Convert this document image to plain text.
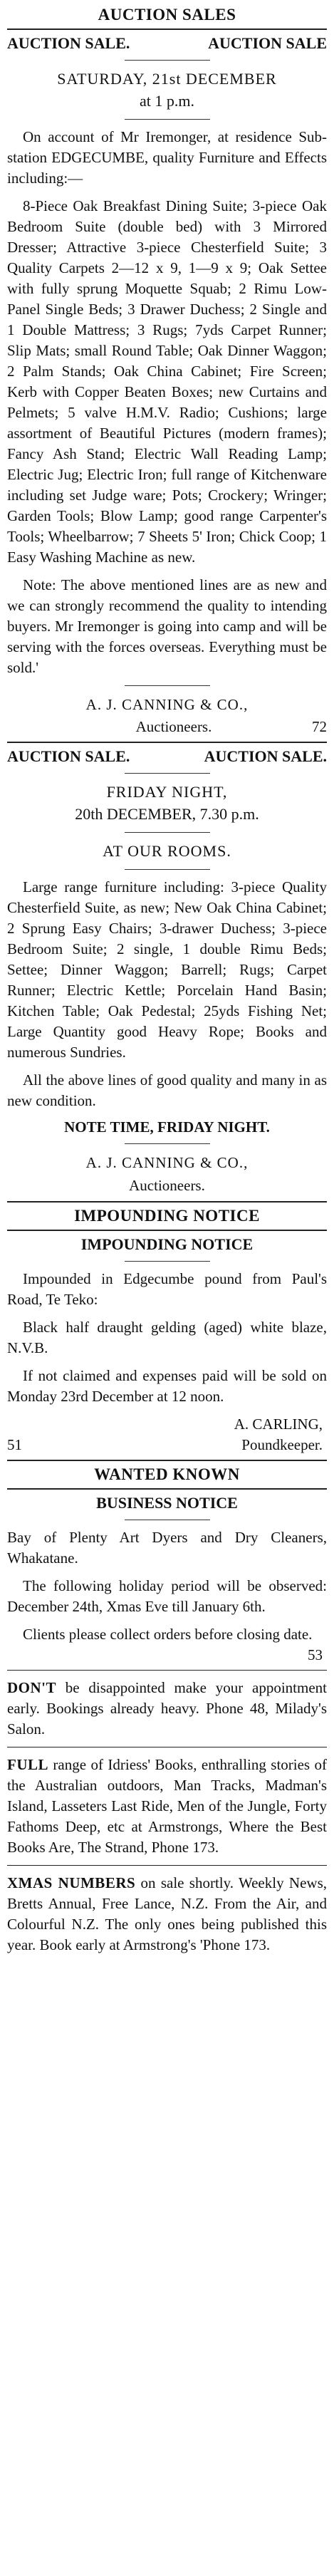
AUCTION SALES
AUCTION SALE.	AUCTION SALE
SATURDAY, 21st DECEMBER
at 1 p.m.

On account of Mr Iremonger, at residence Sub-station EDGECUMBE, quality Furniture and Effects including:—

8-Piece Oak Breakfast Dining Suite; 3-piece Oak Bedroom Suite (double bed) with 3 Mirrored Dresser; Attractive 3-piece Chesterfield Suite; 3 Quality Carpets 2—12 x 9, 1—9 x 9; Oak Settee with fully sprung Moquette Squab; 2 Rimu Low-Panel Single Beds; 3 Drawer Duchess; 2 Single and 1 Double Mattress; 3 Rugs; 7yds Carpet Runner; Slip Mats; small Round Table; Oak Dinner Waggon; 2 Palm Stands; Oak China Cabinet; Fire Screen; Kerb with Copper Beaten Boxes; new Curtains and Pelmets; 5 valve H.M.V. Radio; Cushions; large assortment of Beautiful Pictures (modern frames); Fancy Ash Stand; Electric Wall Reading Lamp; Electric Jug; Electric Iron; full range of Kitchenware including set Judge ware; Pots; Crockery; Wringer; Garden Tools; Blow Lamp; good range Carpenter's Tools; Wheelbarrow; 7 Sheets 5' Iron; Chick Coop; 1 Easy Washing Machine as new.

Note: The above mentioned lines are as new and we can strongly recommend the quality to intending buyers. Mr Iremonger is going into camp and will be serving with the forces overseas. Everything must be sold.'

A. J. CANNING & CO.,
Auctioneers.	72
AUCTION SALE.	AUCTION SALE.
FRIDAY NIGHT,
20th DECEMBER, 7.30 p.m.
AT OUR ROOMS.

Large range furniture including: 3-piece Quality Chesterfield Suite, as new; New Oak China Cabinet; 2 Sprung Easy Chairs; 3-drawer Duchess; 3-piece Bedroom Suite; 2 single, 1 double Rimu Beds; Settee; Dinner Waggon; Barrell; Rugs; Carpet Runner; Electric Kettle; Porcelain Hand Basin; Kitchen Table; Oak Pedestal; 25yds Fishing Net; Large Quantity good Heavy Rope; Books and numerous Sundries.

All the above lines of good quality and many in as new condition.

NOTE TIME, FRIDAY NIGHT.
A. J. CANNING & CO.,
Auctioneers.
IMPOUNDING NOTICE
IMPOUNDING NOTICE

Impounded in Edgecumbe pound from Paul's Road, Te Teko:

Black half draught gelding (aged) white blaze, N.V.B.

If not claimed and expenses paid will be sold on Monday 23rd December at 12 noon.

A. CARLING,
51	Poundkeeper.
WANTED KNOWN
BUSINESS NOTICE

Bay of Plenty Art Dyers and Dry Cleaners, Whakatane.

The following holiday period will be observed: December 24th, Xmas Eve till January 6th.

Clients please collect orders before closing date.

53

DON'T be disappointed make your appointment early. Bookings already heavy. Phone 48, Milady's Salon.

FULL range of Idriess' Books, enthralling stories of the Australian outdoors, Man Tracks, Madman's Island, Lasseters Last Ride, Men of the Jungle, Forty Fathoms Deep, etc at Armstrongs, Where the Best Books Are, The Strand, Phone 173.

XMAS NUMBERS on sale shortly. Weekly News, Bretts Annual, Free Lance, N.Z. From the Air, and Colourful N.Z. The only ones being published this year. Book early at Armstrong's 'Phone 173.
